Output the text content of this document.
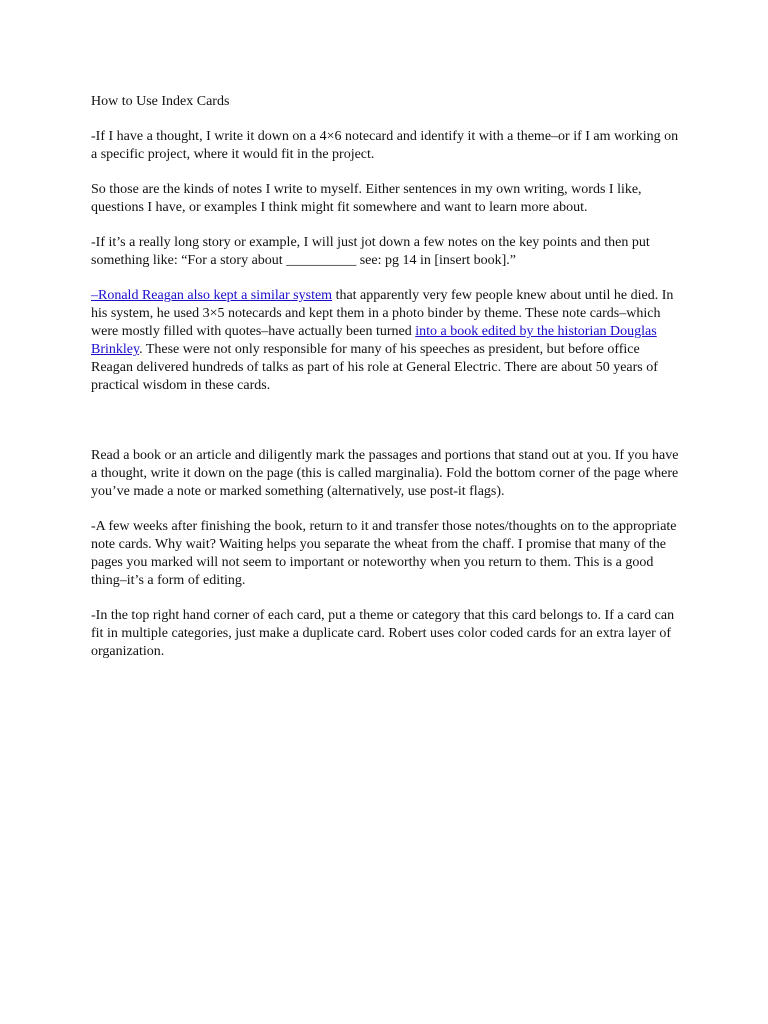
How to Use Index Cards

-If I have a thought, I write it down on a 4×6 notecard and identify it with a theme–or if I am working on a specific project, where it would fit in the project.

So those are the kinds of notes I write to myself. Either sentences in my own writing, words I like, questions I have, or examples I think might fit somewhere and want to learn more about.

-If it’s a really long story or example, I will just jot down a few notes on the key points and then put something like: “For a story about __________ see: pg 14 in [insert book].”

–Ronald Reagan also kept a similar system that apparently very few people knew about until he died. In his system, he used 3×5 notecards and kept them in a photo binder by theme. These note cards–which were mostly filled with quotes–have actually been turned into a book edited by the historian Douglas Brinkley. These were not only responsible for many of his speeches as president, but before office Reagan delivered hundreds of talks as part of his role at General Electric. There are about 50 years of practical wisdom in these cards.

Read a book or an article and diligently mark the passages and portions that stand out at you. If you have a thought, write it down on the page (this is called marginalia). Fold the bottom corner of the page where you’ve made a note or marked something (alternatively, use post-it flags).

-A few weeks after finishing the book, return to it and transfer those notes/thoughts on to the appropriate note cards. Why wait? Waiting helps you separate the wheat from the chaff. I promise that many of the pages you marked will not seem to important or noteworthy when you return to them. This is a good thing–it’s a form of editing.

-In the top right hand corner of each card, put a theme or category that this card belongs to. If a card can fit in multiple categories, just make a duplicate card. Robert uses color coded cards for an extra layer of organization.
